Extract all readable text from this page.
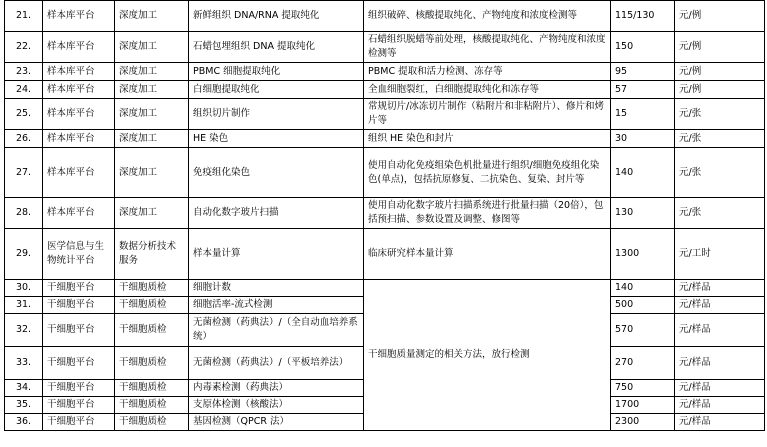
21.	样本库平台	深度加工	新鲜组织 DNA/RNA 提取纯化	组织破碎、核酸提取纯化、产物纯度和浓度检测等	115/130	元/例
22.	样本库平台	深度加工	石蜡包埋组织 DNA 提取纯化	石蜡组织脱蜡等前处理，核酸提取纯化、产物纯度和浓度检测等	150	元/例
23.	样本库平台	深度加工	PBMC 细胞提取纯化	PBMC 提取和活力检测、冻存等	95	元/例
24.	样本库平台	深度加工	白细胞提取纯化	全血细胞裂红，白细胞提取纯化和冻存等	57	元/例
25.	样本库平台	深度加工	组织切片制作	常规切片/冰冻切片制作（粘附片和非粘附片）、修片和烤片等	15	元/张
26.	样本库平台	深度加工	HE 染色	组织 HE 染色和封片	30	元/张
27.	样本库平台	深度加工	免疫组化染色	使用自动化免疫组染色机批量进行组织/细胞免疫组化染色(单点)，包括抗原修复、二抗染色、复染、封片等	140	元/张
28.	样本库平台	深度加工	自动化数字玻片扫描	使用自动化数字玻片扫描系统进行批量扫描（20倍），包括预扫描、参数设置及调整、修图等	130	元/张
29.	医学信息与生物统计平台	数据分析技术服务	样本量计算	临床研究样本量计算	1300	元/工时
30.	干细胞平台	干细胞质检	细胞计数	干细胞质量测定的相关方法，放行检测	140	元/样品
31.	干细胞平台	干细胞质检	细胞活率-流式检测		500	元/样品
32.	干细胞平台	干细胞质检	无菌检测（药典法）/（全自动血培养系统）		570	元/样品
33.	干细胞平台	干细胞质检	无菌检测（药典法）/（平板培养法）		270	元/样品
34.	干细胞平台	干细胞质检	内毒素检测（药典法）		750	元/样品
35.	干细胞平台	干细胞质检	支原体检测（核酸法）		1700	元/样品
36.	干细胞平台	干细胞质检	基因检测（QPCR 法）		2300	元/样品
